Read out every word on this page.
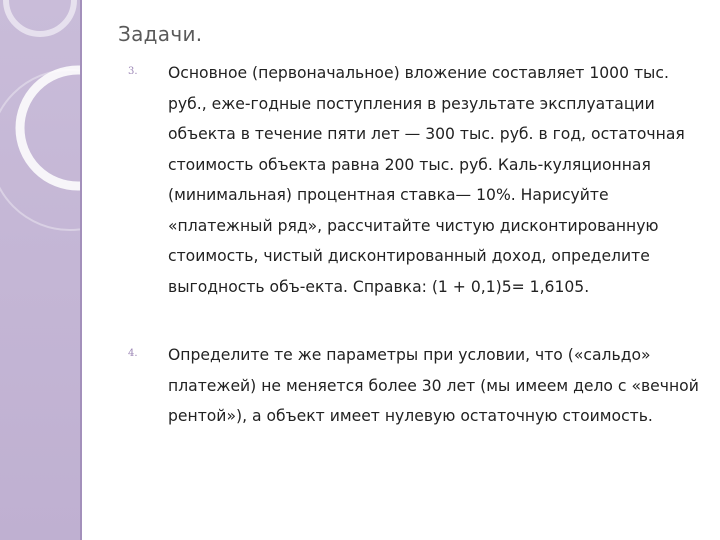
Задачи.
3. Основное (первоначальное) вложение составляет 1000 тыс. руб., еже-годные поступления в результате эксплуатации объекта в течение пяти лет — 300 тыс. руб. в год, остаточная стоимость объекта равна 200 тыс. руб. Каль-куляционная (минимальная) процентная ставка— 10%. Нарисуйте «платежный ряд», рассчитайте чистую дисконтированную стоимость, чистый дисконтированный доход, определите выгодность объ-екта. Справка: (1 + 0,1)5= 1,6105.
4. Определите те же параметры при условии, что («сальдо» платежей) не меняется более 30 лет (мы имеем дело с «вечной рентой»), а объект имеет нулевую остаточную стоимость.
